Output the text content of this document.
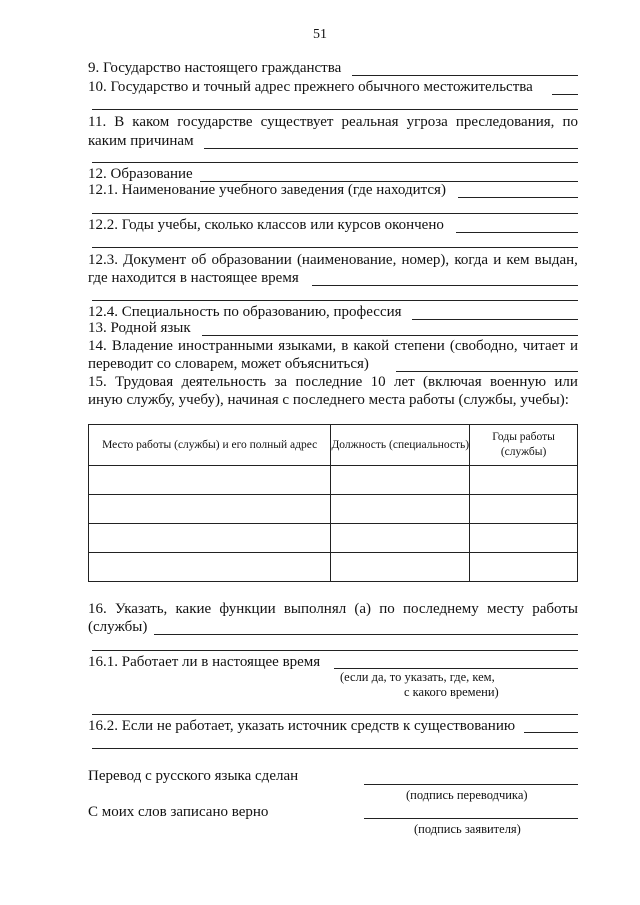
51
9. Государство настоящего гражданства
10. Государство и точный адрес прежнего обычного местожительства
11. В каком государстве существует реальная угроза преследования, по
каким причинам
12. Образование
12.1. Наименование учебного заведения (где находится)
12.2. Годы учебы, сколько классов или курсов окончено
12.3. Документ об образовании (наименование, номер), когда и кем выдан,
где находится в настоящее время
12.4. Специальность по образованию, профессия
13. Родной язык
14. Владение иностранными языками, в какой степени (свободно, читает и
переводит со словарем, может объясниться)
15. Трудовая деятельность за последние 10 лет (включая военную или
иную службу, учебу), начиная с последнего места работы (службы, учебы):
Место работы (службы) и его полный адрес	Должность (специальность)	Годы работы (службы)

16. Указать, какие функции выполнял (а) по последнему месту работы
(службы)
16.1. Работает ли в настоящее время
(если да, то указать, где, кем,
с какого времени)
16.2. Если не работает, указать источник средств к существованию
Перевод с русского языка сделан
(подпись переводчика)
С моих слов записано верно
(подпись заявителя)
